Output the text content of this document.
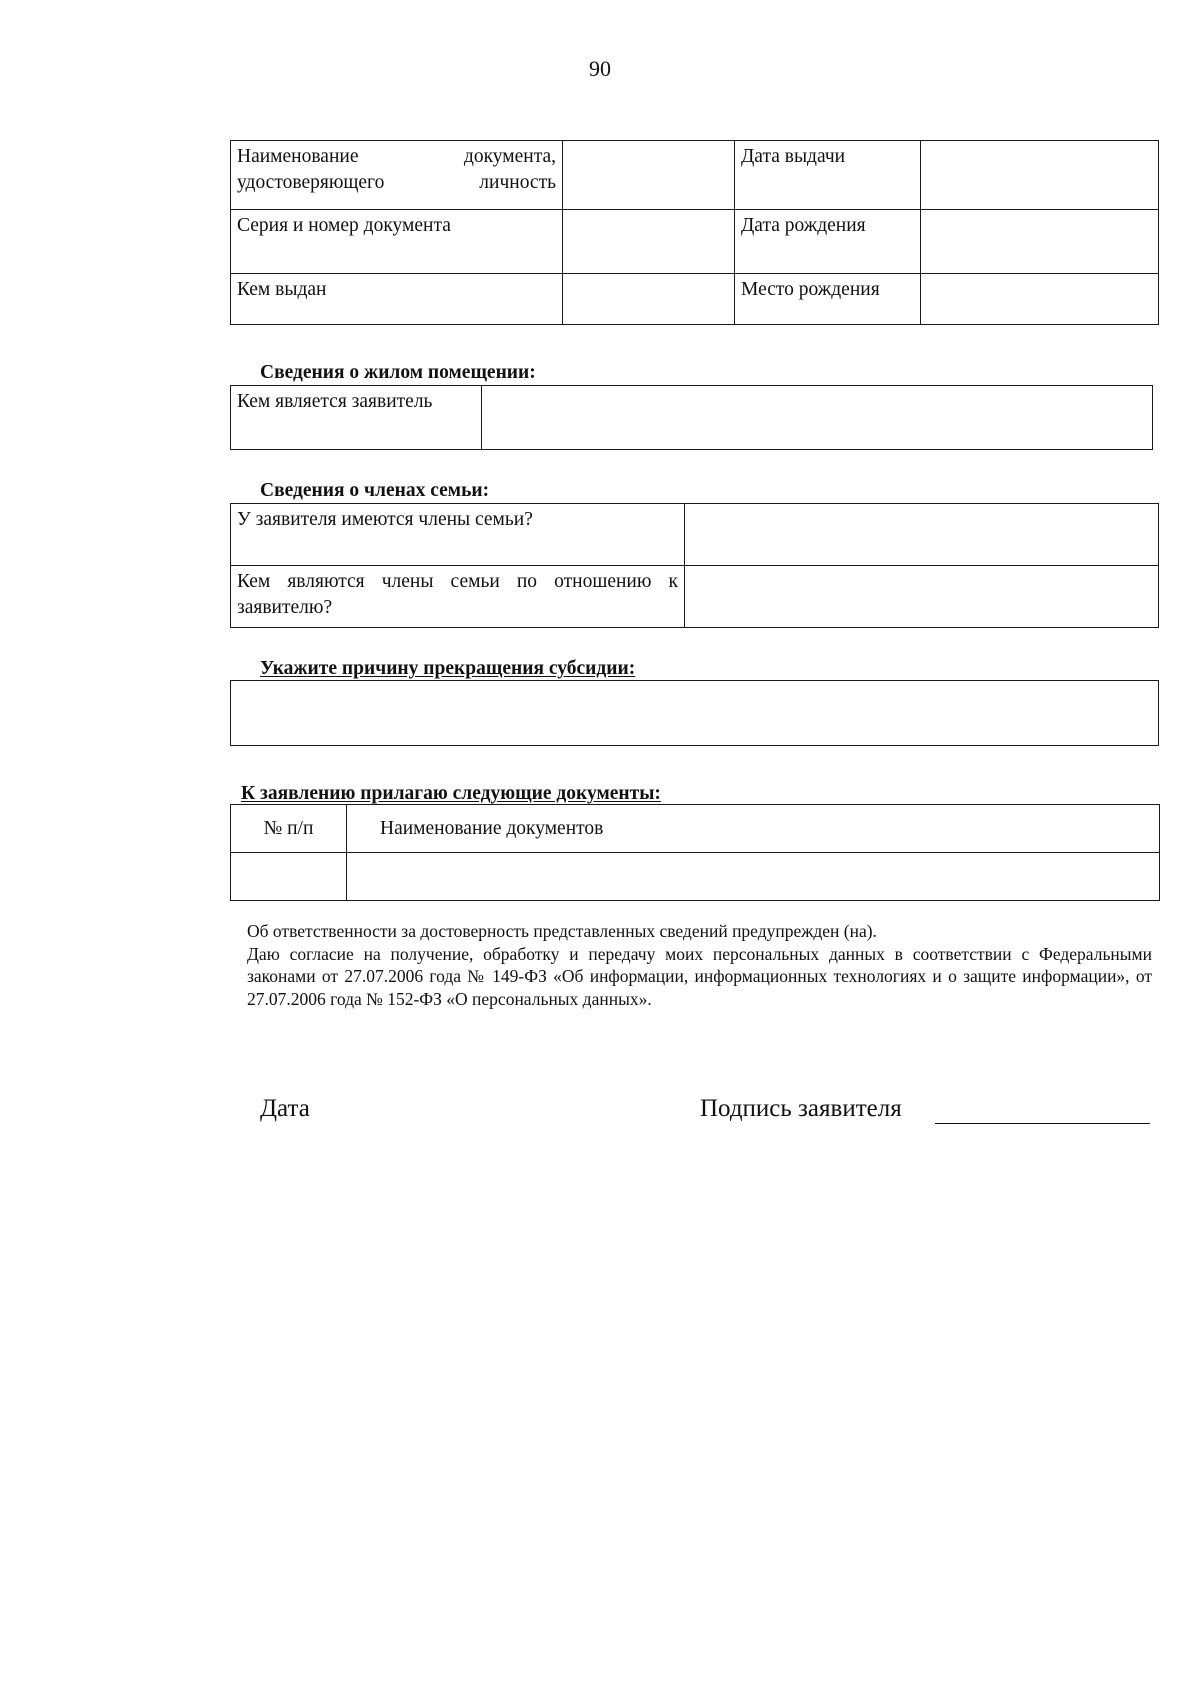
90
Наименование документа, удостоверяющего личность		Дата выдачи	
Серия и номер документа		Дата рождения	
Кем выдан		Место рождения	
Сведения о жилом помещении:
Кем является заявитель	
Сведения о членах семьи:
У заявителя имеются члены семьи?	

Кем являются члены семьи по отношению к заявителю?	

Укажите причину прекращения субсидии:
К заявлению прилагаю следующие документы:
№ п/п	Наименование документов

Об ответственности за достоверность представленных сведений предупрежден (на).

Даю согласие на получение, обработку и передачу моих персональных данных в соответствии с Федеральными законами от 27.07.2006 года № 149-ФЗ «Об информации, информационных технологиях и о защите информации», от 27.07.2006 года № 152-ФЗ «О персональных данных».

Дата	Подпись заявителя
